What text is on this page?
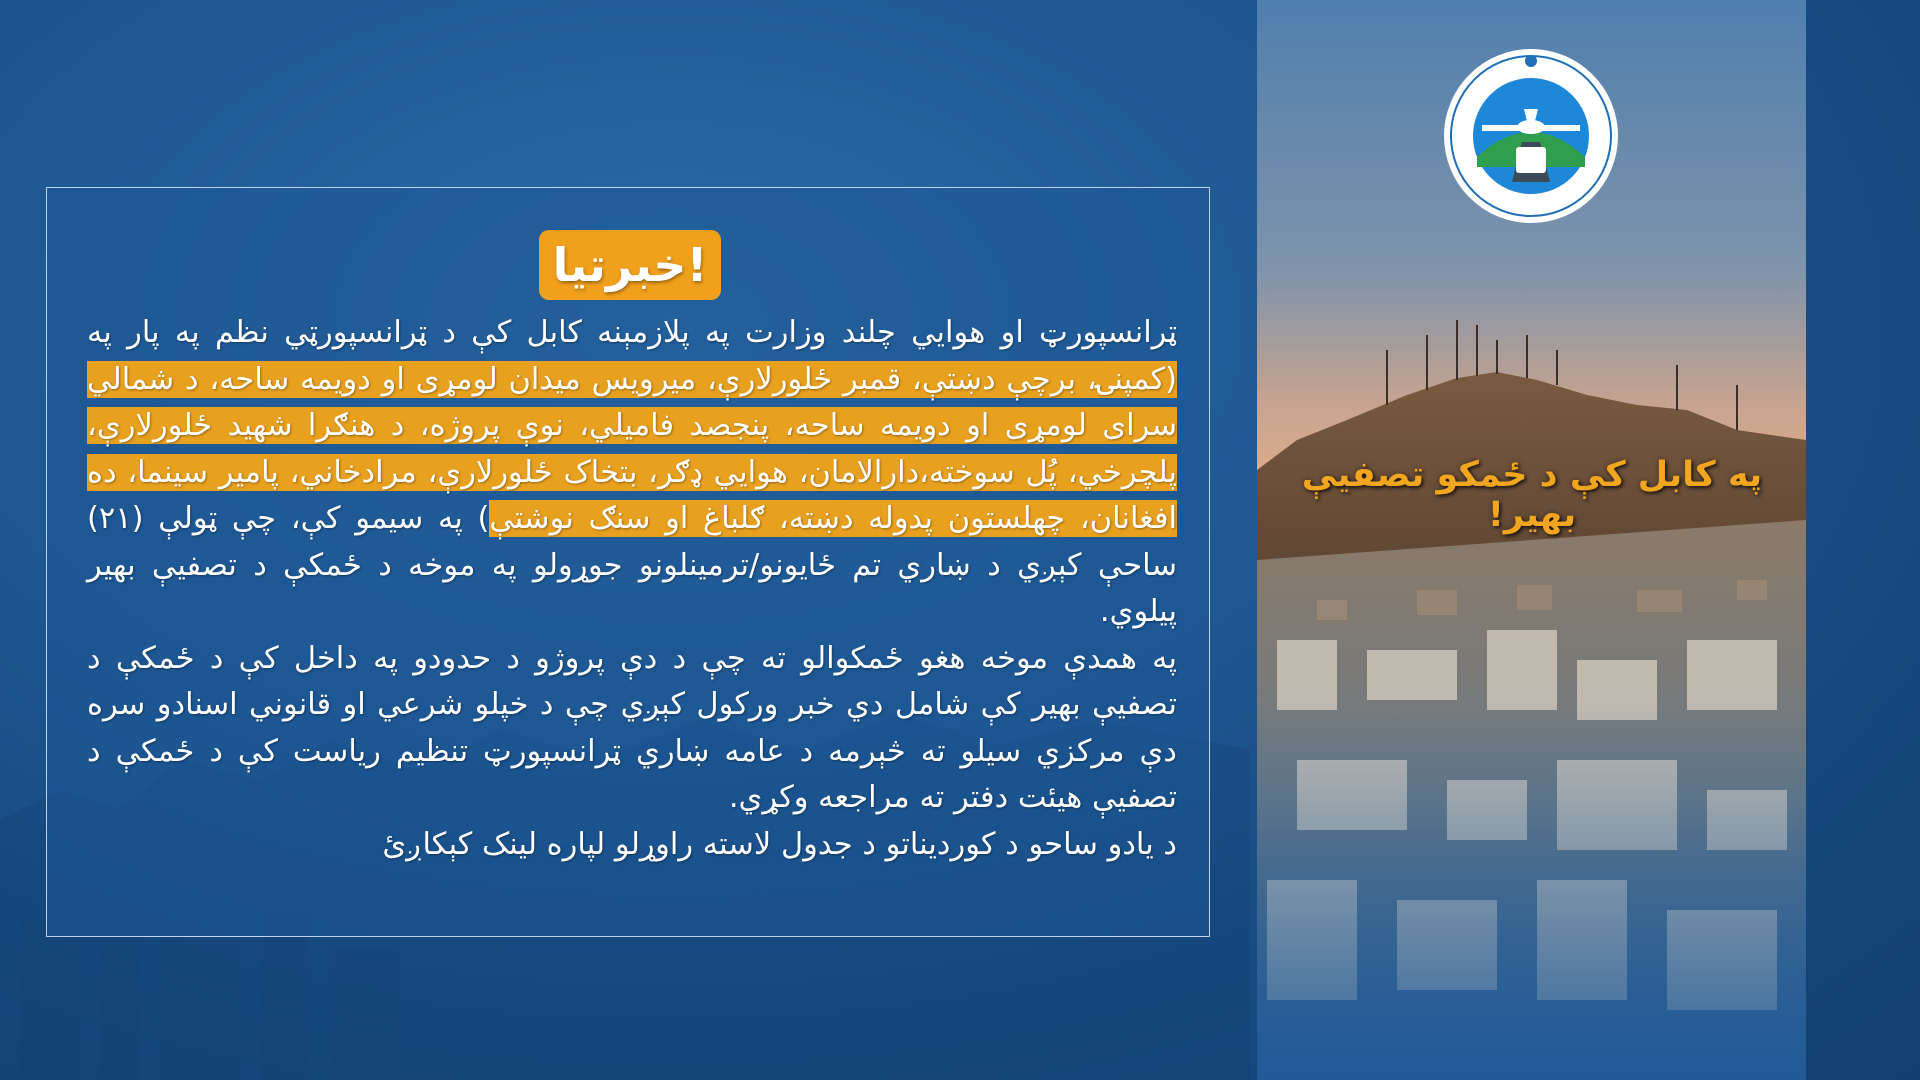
خبرتیا!

ټرانسپورټ او هوایي چلند وزارت په پلازمېنه کابل کې د ټرانسپورټي نظم په پار په (کمپنۍ، برچې دښتې، قمبر ځلورلارې، میرویس میدان لومړی او دویمه ساحه، د شمالي سرای لومړی او دویمه ساحه، پنجصد فامیلي، نوې پروژه، د هنګرا شهید ځلورلارې، پلچرخي، پُل سوخته،دارالامان، هوایي ډګر، بتخاک ځلورلارې، مرادخاني، پامیر سینما، ده افغانان، چهلستون پدوله دښته، ګلباغ او سنګ نوشتې) په سیمو کې، چې ټولې (۲۱) ساحې کېږي د ښاري تم ځایونو/ترمینلونو جوړولو په موخه د ځمکې د تصفیې بهیر پیلوي.

په همدې موخه هغو ځمکوالو ته چې د دې پروژو د حدودو په داخل کې د ځمکې د تصفیې بهیر کې شامل دي خبر ورکول کېږي چې د خپلو شرعي او قانوني اسنادو سره دې مرکزي سیلو ته څېرمه د عامه ښاري ټرانسپورټ تنظیم ریاست کې د ځمکې د تصفیې هیئت دفتر ته مراجعه وکړي.

د یادو ساحو د کوردیناتو د جدول لاسته راوړلو لپاره لینک کېکاږئ

په کابل کې د ځمکو تصفیې بهیر!
